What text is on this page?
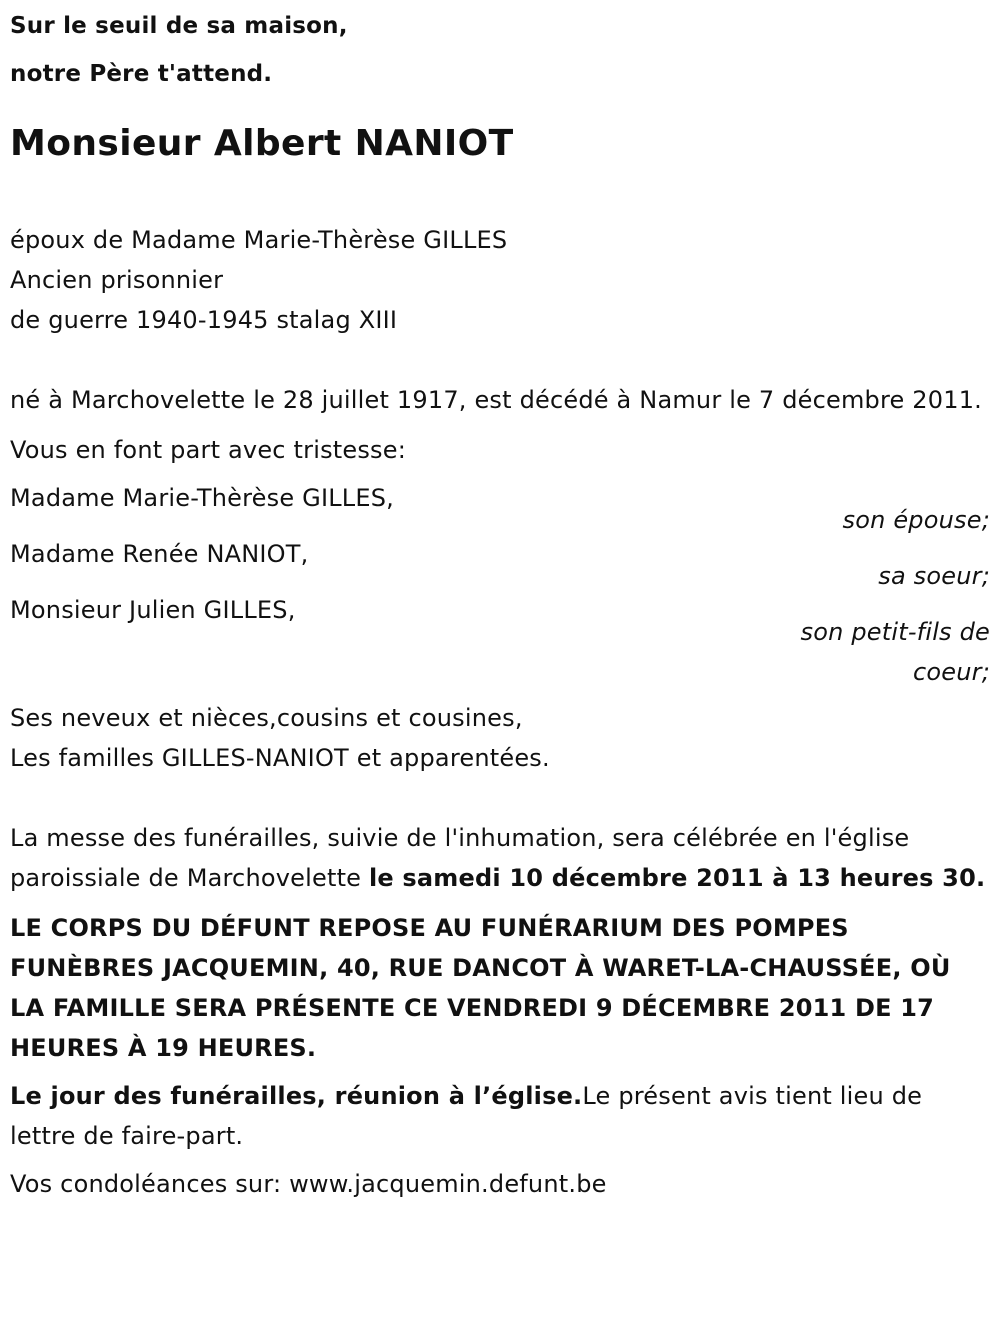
Sur le seuil de sa maison,

notre Père t'attend.

Monsieur Albert NANIOT
époux de Madame Marie-Thèrèse GILLES
Ancien prisonnier
de guerre 1940-1945 stalag XIII
né à Marchovelette le 28 juillet 1917, est décédé à Namur le 7 décembre 2011.
Vous en font part avec tristesse:
Madame Marie-Thèrèse GILLES,
son épouse;
Madame Renée NANIOT,
sa soeur;
Monsieur Julien GILLES,
son petit-fils de coeur;
Ses neveux et nièces,cousins et cousines,
Les familles GILLES-NANIOT et apparentées.
La messe des funérailles, suivie de l'inhumation, sera célébrée en l'église paroissiale de Marchovelette le samedi 10 décembre 2011 à 13 heures 30.
LE CORPS DU DÉFUNT REPOSE AU FUNÉRARIUM DES POMPES FUNÈBRES JACQUEMIN, 40, RUE DANCOT À WARET-LA-CHAUSSÉE, OÙ LA FAMILLE SERA PRÉSENTE CE VENDREDI 9 DÉCEMBRE 2011 DE 17 HEURES À 19 HEURES.
Le jour des funérailles, réunion à l’église.Le présent avis tient lieu de lettre de faire-part.
Vos condoléances sur: www.jacquemin.defunt.be
